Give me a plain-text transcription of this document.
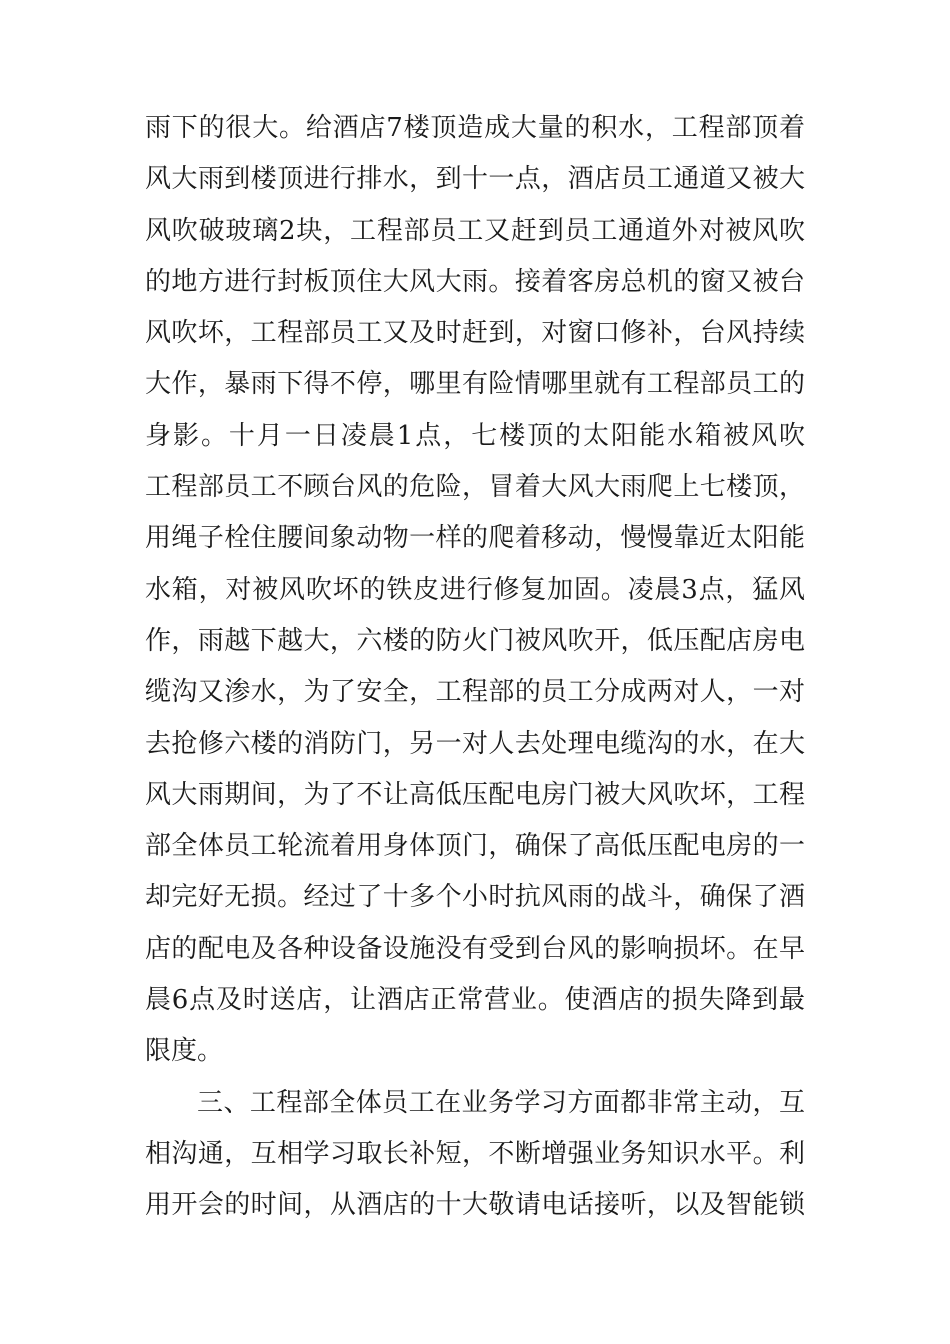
雨下的很大。给酒店7楼顶造成大量的积水，工程部顶着
风大雨到楼顶进行排水，到十一点，酒店员工通道又被大
风吹破玻璃2块，工程部员工又赶到员工通道外对被风吹
的地方进行封板顶住大风大雨。接着客房总机的窗又被台
风吹坏，工程部员工又及时赶到，对窗口修补，台风持续
大作，暴雨下得不停，哪里有险情哪里就有工程部员工的
身影。十月一日凌晨1点，七楼顶的太阳能水箱被风吹
工程部员工不顾台风的危险，冒着大风大雨爬上七楼顶，
用绳子栓住腰间象动物一样的爬着移动，慢慢靠近太阳能
水箱，对被风吹坏的铁皮进行修复加固。凌晨3点，猛风
作，雨越下越大，六楼的防火门被风吹开，低压配店房电
缆沟又渗水，为了安全，工程部的员工分成两对人，一对
去抢修六楼的消防门，另一对人去处理电缆沟的水，在大
风大雨期间，为了不让高低压配电房门被大风吹坏，工程
部全体员工轮流着用身体顶门，确保了高低压配电房的一
却完好无损。经过了十多个小时抗风雨的战斗，确保了酒
店的配电及各种设备设施没有受到台风的影响损坏。在早
晨6点及时送店，让酒店正常营业。使酒店的损失降到最
限度。
三、工程部全体员工在业务学习方面都非常主动，互
相沟通，互相学习取长补短，不断增强业务知识水平。利
用开会的时间，从酒店的十大敬请电话接听，以及智能锁
